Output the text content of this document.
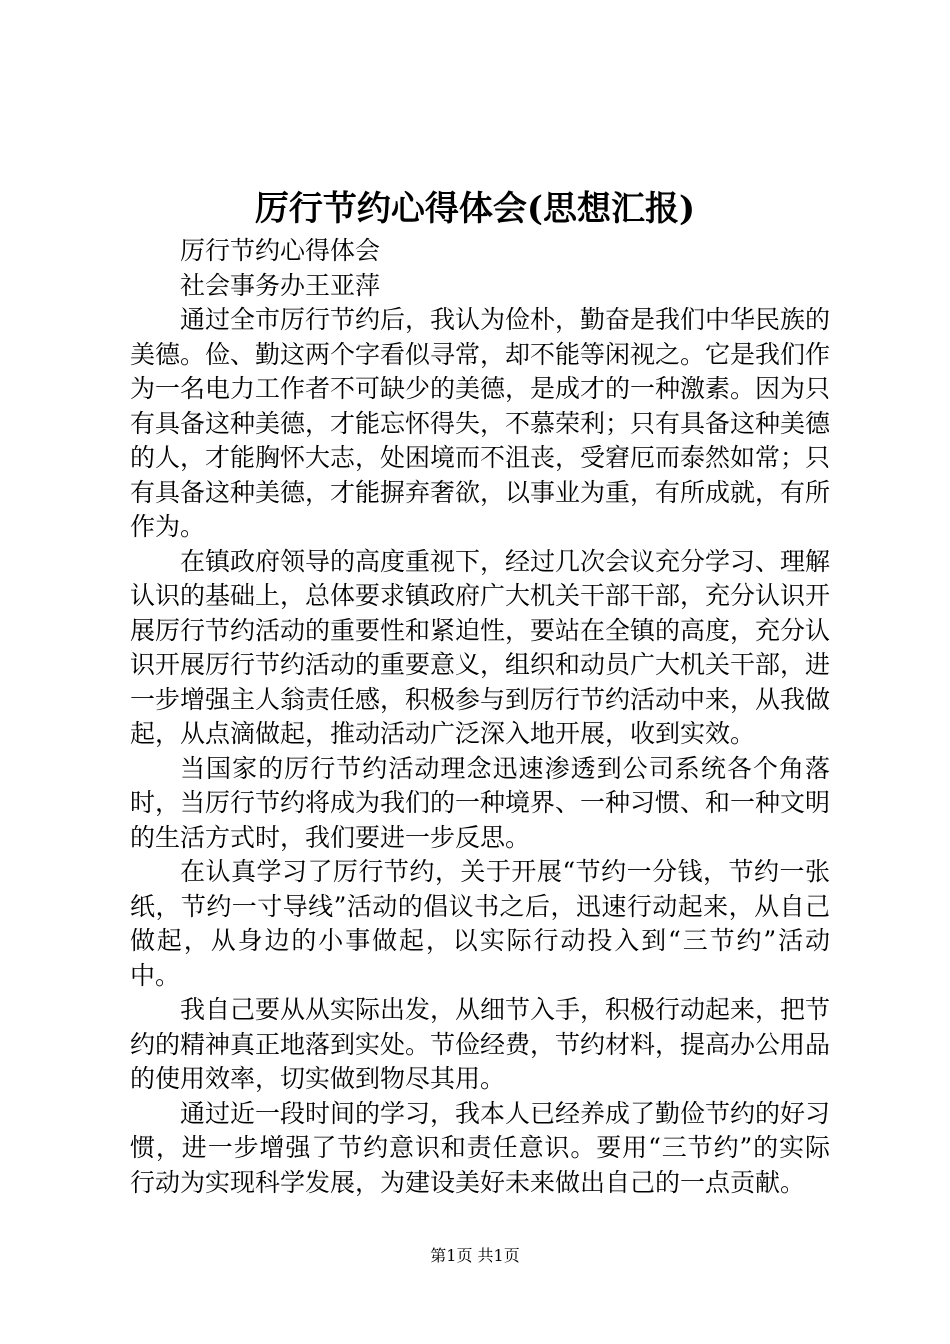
厉行节约心得体会(思想汇报)

厉行节约心得体会

社会事务办王亚萍

通过全市厉行节约后，我认为俭朴，勤奋是我们中华民族的美德。俭、勤这两个字看似寻常，却不能等闲视之。它是我们作为一名电力工作者不可缺少的美德，是成才的一种激素。因为只有具备这种美德，才能忘怀得失，不慕荣利；只有具备这种美德的人，才能胸怀大志，处困境而不沮丧，受窘厄而泰然如常；只有具备这种美德，才能摒弃奢欲，以事业为重，有所成就，有所作为。

在镇政府领导的高度重视下，经过几次会议充分学习、理解认识的基础上，总体要求镇政府广大机关干部干部，充分认识开展厉行节约活动的重要性和紧迫性，要站在全镇的高度，充分认识开展厉行节约活动的重要意义，组织和动员广大机关干部，进一步增强主人翁责任感，积极参与到厉行节约活动中来，从我做起，从点滴做起，推动活动广泛深入地开展，收到实效。

当国家的厉行节约活动理念迅速渗透到公司系统各个角落时，当厉行节约将成为我们的一种境界、一种习惯、和一种文明的生活方式时，我们要进一步反思。

在认真学习了厉行节约，关于开展“节约一分钱，节约一张纸，节约一寸导线”活动的倡议书之后，迅速行动起来，从自己做起，从身边的小事做起，以实际行动投入到“三节约”活动中。

我自己要从从实际出发，从细节入手，积极行动起来，把节约的精神真正地落到实处。节俭经费，节约材料，提高办公用品的使用效率，切实做到物尽其用。

通过近一段时间的学习，我本人已经养成了勤俭节约的好习惯，进一步增强了节约意识和责任意识。要用“三节约”的实际行动为实现科学发展，为建设美好未来做出自己的一点贡献。

第1页 共1页
